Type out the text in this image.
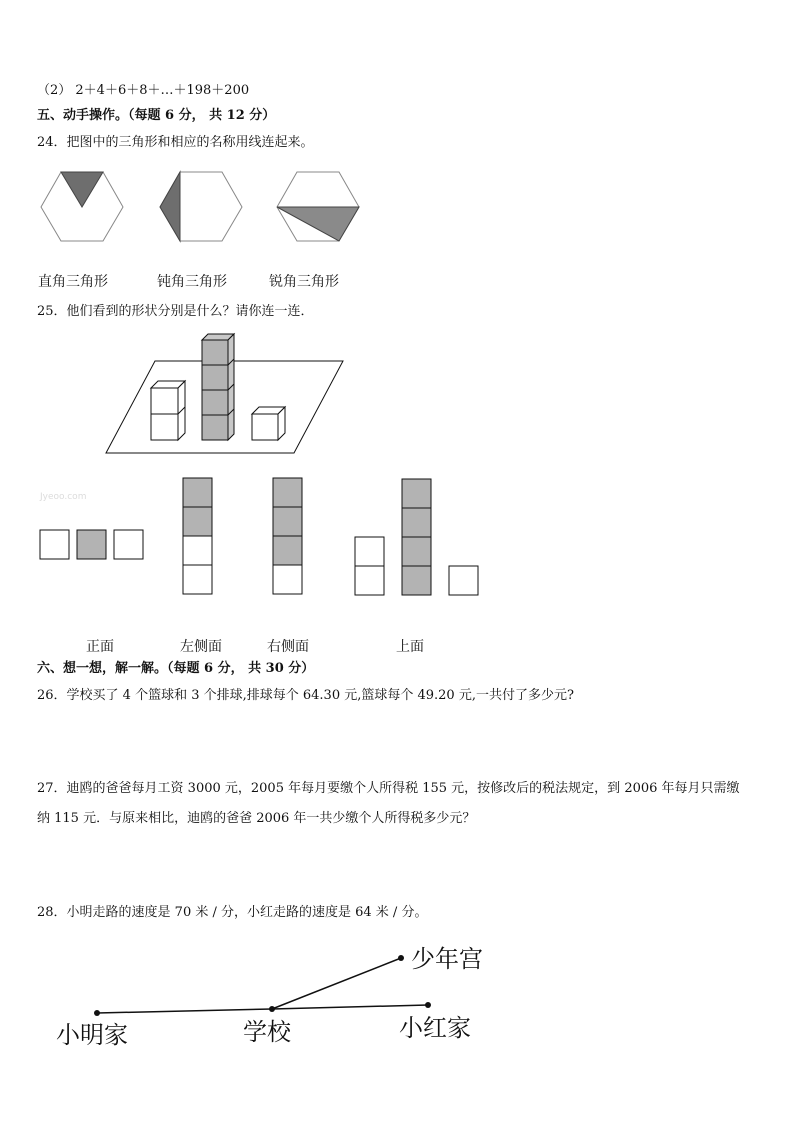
（2） 2＋4＋6＋8＋…＋198＋200
五、动手操作。（每题 6 分， 共 12 分）
24．把图中的三角形和相应的名称用线连起来。
直角三角形	钝角三角形	锐角三角形
25．他们看到的形状分别是什么？请你连一连．
Jyeoo.com
正面	左侧面	右侧面	上面
六、想一想，解一解。（每题 6 分， 共 30 分）
26．学校买了 4 个篮球和 3 个排球,排球每个 64.30 元,篮球每个 49.20 元,一共付了多少元?
27．迪鸥的爸爸每月工资 3000 元，2005 年每月要缴个人所得税 155 元，按修改后的税法规定，到 2006 年每月只需缴
纳 115 元．与原来相比，迪鸥的爸爸 2006 年一共少缴个人所得税多少元？
28．小明走路的速度是 70 米 / 分，小红走路的速度是 64 米 / 分。
少年宫
小明家	学校	小红家
